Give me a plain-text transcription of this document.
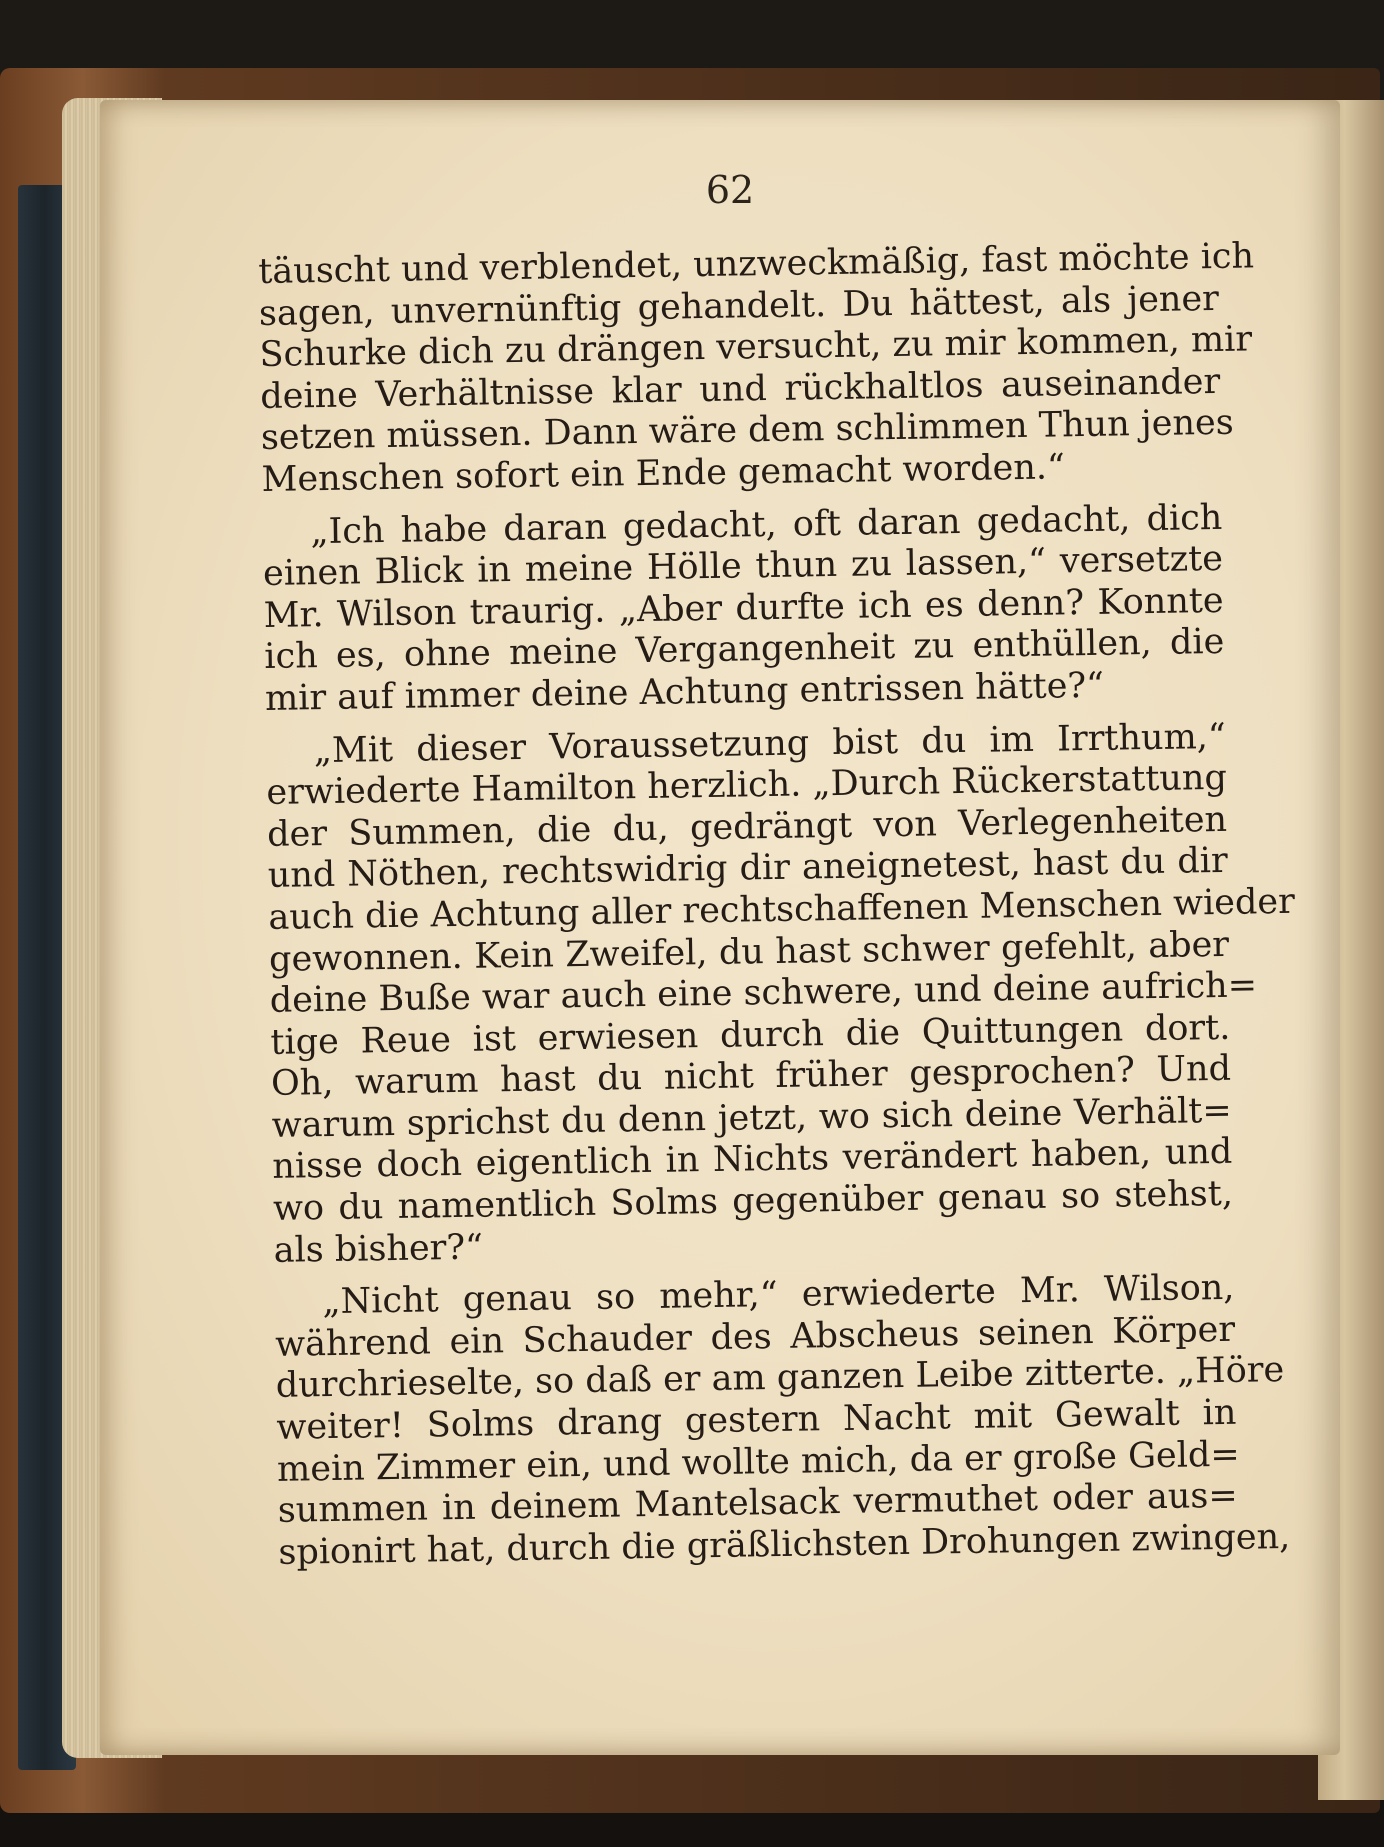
62

täuscht und verblendet, unzweckmäßig, fast möchte ich
sagen, unvernünftig gehandelt. Du hättest, als jener
Schurke dich zu drängen versucht, zu mir kommen, mir
deine Verhältnisse klar und rückhaltlos auseinander
setzen müssen. Dann wäre dem schlimmen Thun jenes
Menschen sofort ein Ende gemacht worden.“

„Ich habe daran gedacht, oft daran gedacht, dich
einen Blick in meine Hölle thun zu lassen,“ versetzte
Mr. Wilson traurig. „Aber durfte ich es denn? Konnte
ich es, ohne meine Vergangenheit zu enthüllen, die
mir auf immer deine Achtung entrissen hätte?“

„Mit dieser Voraussetzung bist du im Irrthum,“
erwiederte Hamilton herzlich. „Durch Rückerstattung
der Summen, die du, gedrängt von Verlegenheiten
und Nöthen, rechtswidrig dir aneignetest, hast du dir
auch die Achtung aller rechtschaffenen Menschen wieder
gewonnen. Kein Zweifel, du hast schwer gefehlt, aber
deine Buße war auch eine schwere, und deine aufrich=
tige Reue ist erwiesen durch die Quittungen dort.
Oh, warum hast du nicht früher gesprochen? Und
warum sprichst du denn jetzt, wo sich deine Verhält=
nisse doch eigentlich in Nichts verändert haben, und
wo du namentlich Solms gegenüber genau so stehst,
als bisher?“

„Nicht genau so mehr,“ erwiederte Mr. Wilson,
während ein Schauder des Abscheus seinen Körper
durchrieselte, so daß er am ganzen Leibe zitterte. „Höre
weiter! Solms drang gestern Nacht mit Gewalt in
mein Zimmer ein, und wollte mich, da er große Geld=
summen in deinem Mantelsack vermuthet oder aus=
spionirt hat, durch die gräßlichsten Drohungen zwingen,
